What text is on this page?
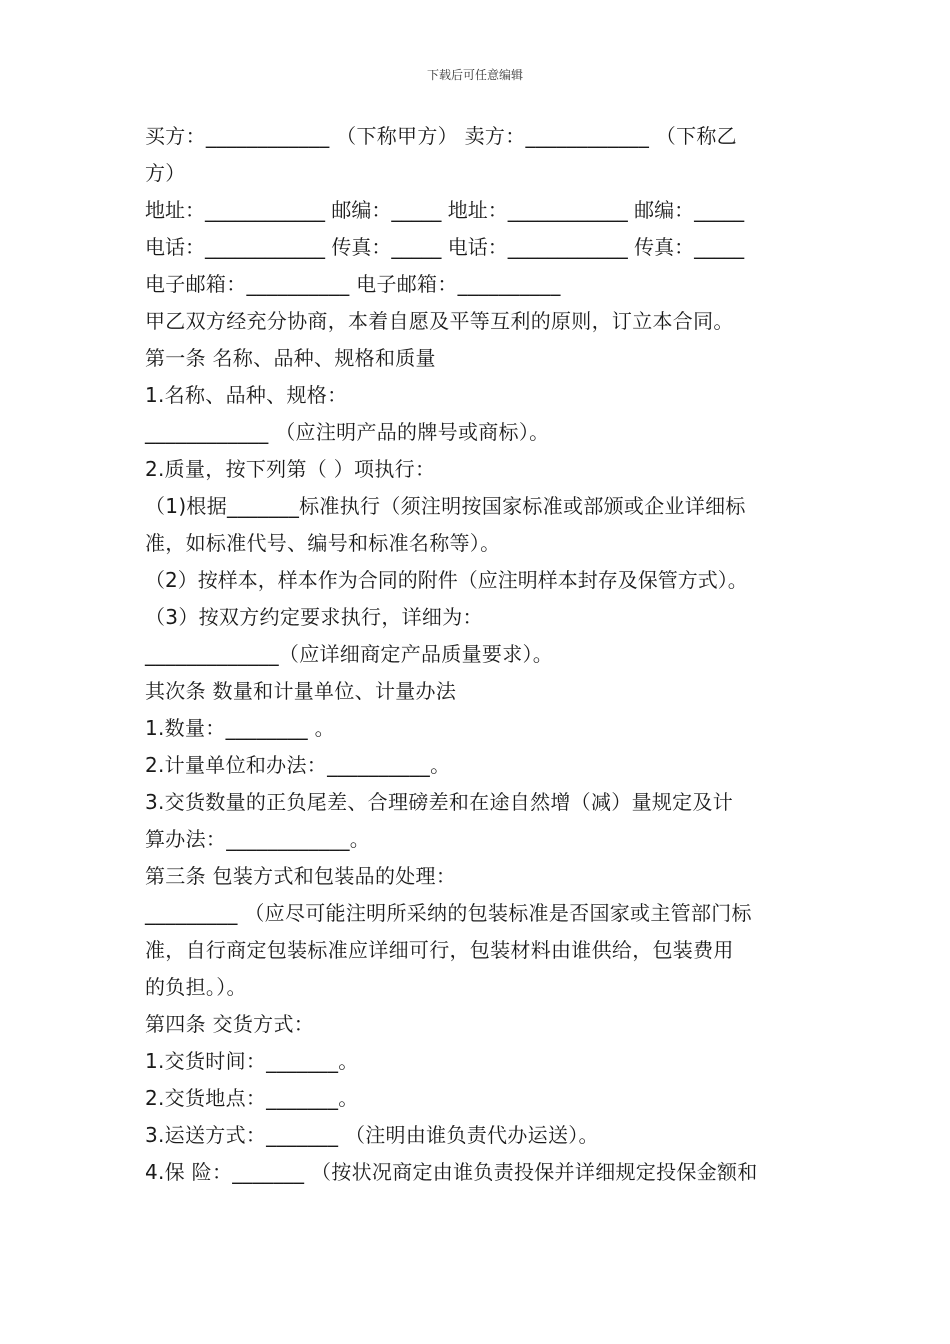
下载后可任意编辑
买方：____________ （下称甲方） 卖方：____________ （下称乙
方）
地址：____________ 邮编：_____ 地址：____________ 邮编：_____
电话：____________ 传真：_____ 电话：____________ 传真：_____
电子邮箱：__________ 电子邮箱：__________
甲乙双方经充分协商，本着自愿及平等互利的原则，订立本合同。
第一条 名称、品种、规格和质量
1.名称、品种、规格：
____________ （应注明产品的牌号或商标）。
2.质量，按下列第（ ）项执行：
（1)根据_______标准执行（须注明按国家标准或部颁或企业详细标
准，如标准代号、编号和标准名称等）。
（2）按样本，样本作为合同的附件（应注明样本封存及保管方式）。
（3）按双方约定要求执行，详细为：
_____________（应详细商定产品质量要求）。
其次条 数量和计量单位、计量办法
1.数量：________ 。
2.计量单位和办法：__________。
3.交货数量的正负尾差、合理磅差和在途自然增（减）量规定及计
算办法：____________。
第三条 包装方式和包装品的处理：
_________ （应尽可能注明所采纳的包装标准是否国家或主管部门标
准，自行商定包装标准应详细可行，包装材料由谁供给，包装费用
的负担。）。
第四条 交货方式：
1.交货时间：_______。
2.交货地点：_______。
3.运送方式：_______ （注明由谁负责代办运送）。
4.保 险：_______ （按状况商定由谁负责投保并详细规定投保金额和
